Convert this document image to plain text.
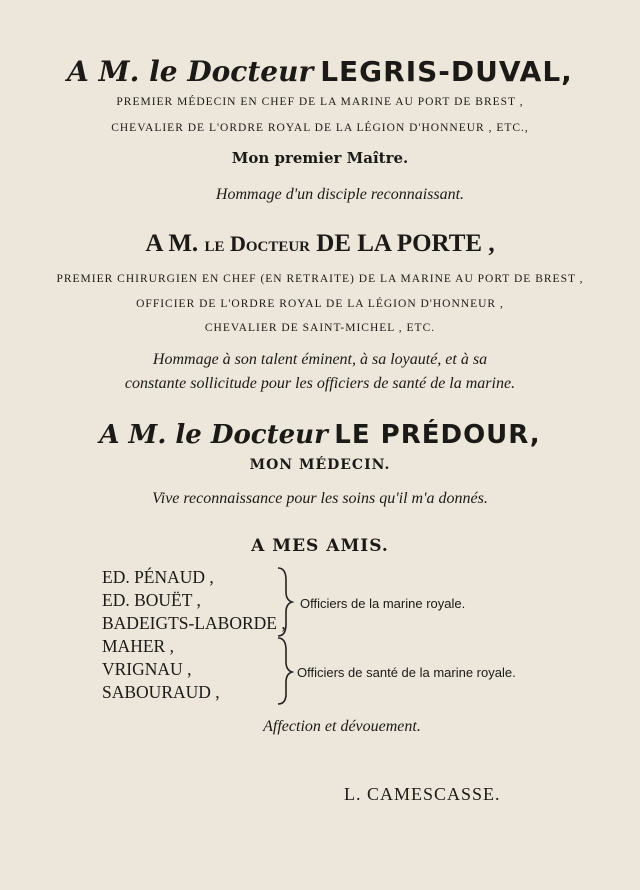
A M. le Docteur LEGRIS-DUVAL,
PREMIER MÉDECIN EN CHEF DE LA MARINE AU PORT DE BREST ,
CHEVALIER DE L'ORDRE ROYAL DE LA LÉGION D'HONNEUR , ETC.,
Mon premier Maître.
Hommage d'un disciple reconnaissant.
A M. le Docteur DE LA PORTE ,
PREMIER CHIRURGIEN EN CHEF (EN RETRAITE) DE LA MARINE AU PORT DE BREST ,
OFFICIER DE L'ORDRE ROYAL DE LA LÉGION D'HONNEUR ,
CHEVALIER DE SAINT-MICHEL , ETC.
Hommage à son talent éminent, à sa loyauté, et à sa
constante sollicitude pour les officiers de santé de la marine.
A M. le Docteur LE PRÉDOUR,
MON MÉDECIN.
Vive reconnaissance pour les soins qu'il m'a donnés.
A MES AMIS.
ED. PÉNAUD ,
ED. BOUËT ,
BADEIGTS-LABORDE ,
MAHER ,
VRIGNAU ,
SABOURAUD ,
Officiers de la marine royale.
Officiers de santé de la marine royale.
Affection et dévouement.
L. CAMESCASSE.
